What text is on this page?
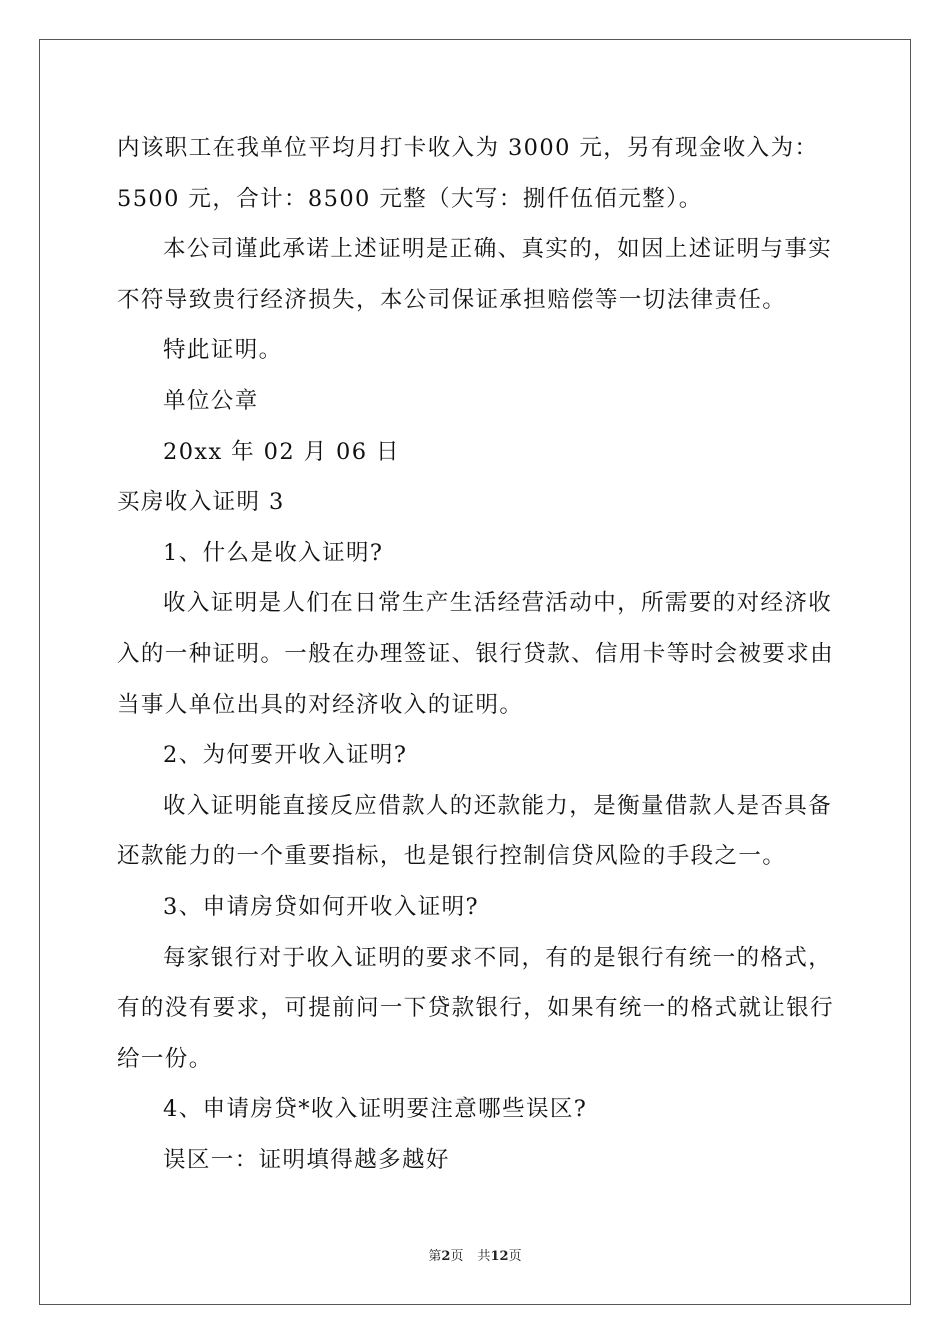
内该职工在我单位平均月打卡收入为 3000 元，另有现金收入为：
5500 元，合计：8500 元整（大写：捌仟伍佰元整）。
本公司谨此承诺上述证明是正确、真实的，如因上述证明与事实
不符导致贵行经济损失，本公司保证承担赔偿等一切法律责任。
特此证明。
单位公章
20xx 年 02 月 06 日
买房收入证明 3
1、什么是收入证明?
收入证明是人们在日常生产生活经营活动中，所需要的对经济收
入的一种证明。一般在办理签证、银行贷款、信用卡等时会被要求由
当事人单位出具的对经济收入的证明。
2、为何要开收入证明?
收入证明能直接反应借款人的还款能力，是衡量借款人是否具备
还款能力的一个重要指标，也是银行控制信贷风险的手段之一。
3、申请房贷如何开收入证明?
每家银行对于收入证明的要求不同，有的是银行有统一的格式，
有的没有要求，可提前问一下贷款银行，如果有统一的格式就让银行
给一份。
4、申请房贷*收入证明要注意哪些误区?
误区一：证明填得越多越好
第2页 共12页
